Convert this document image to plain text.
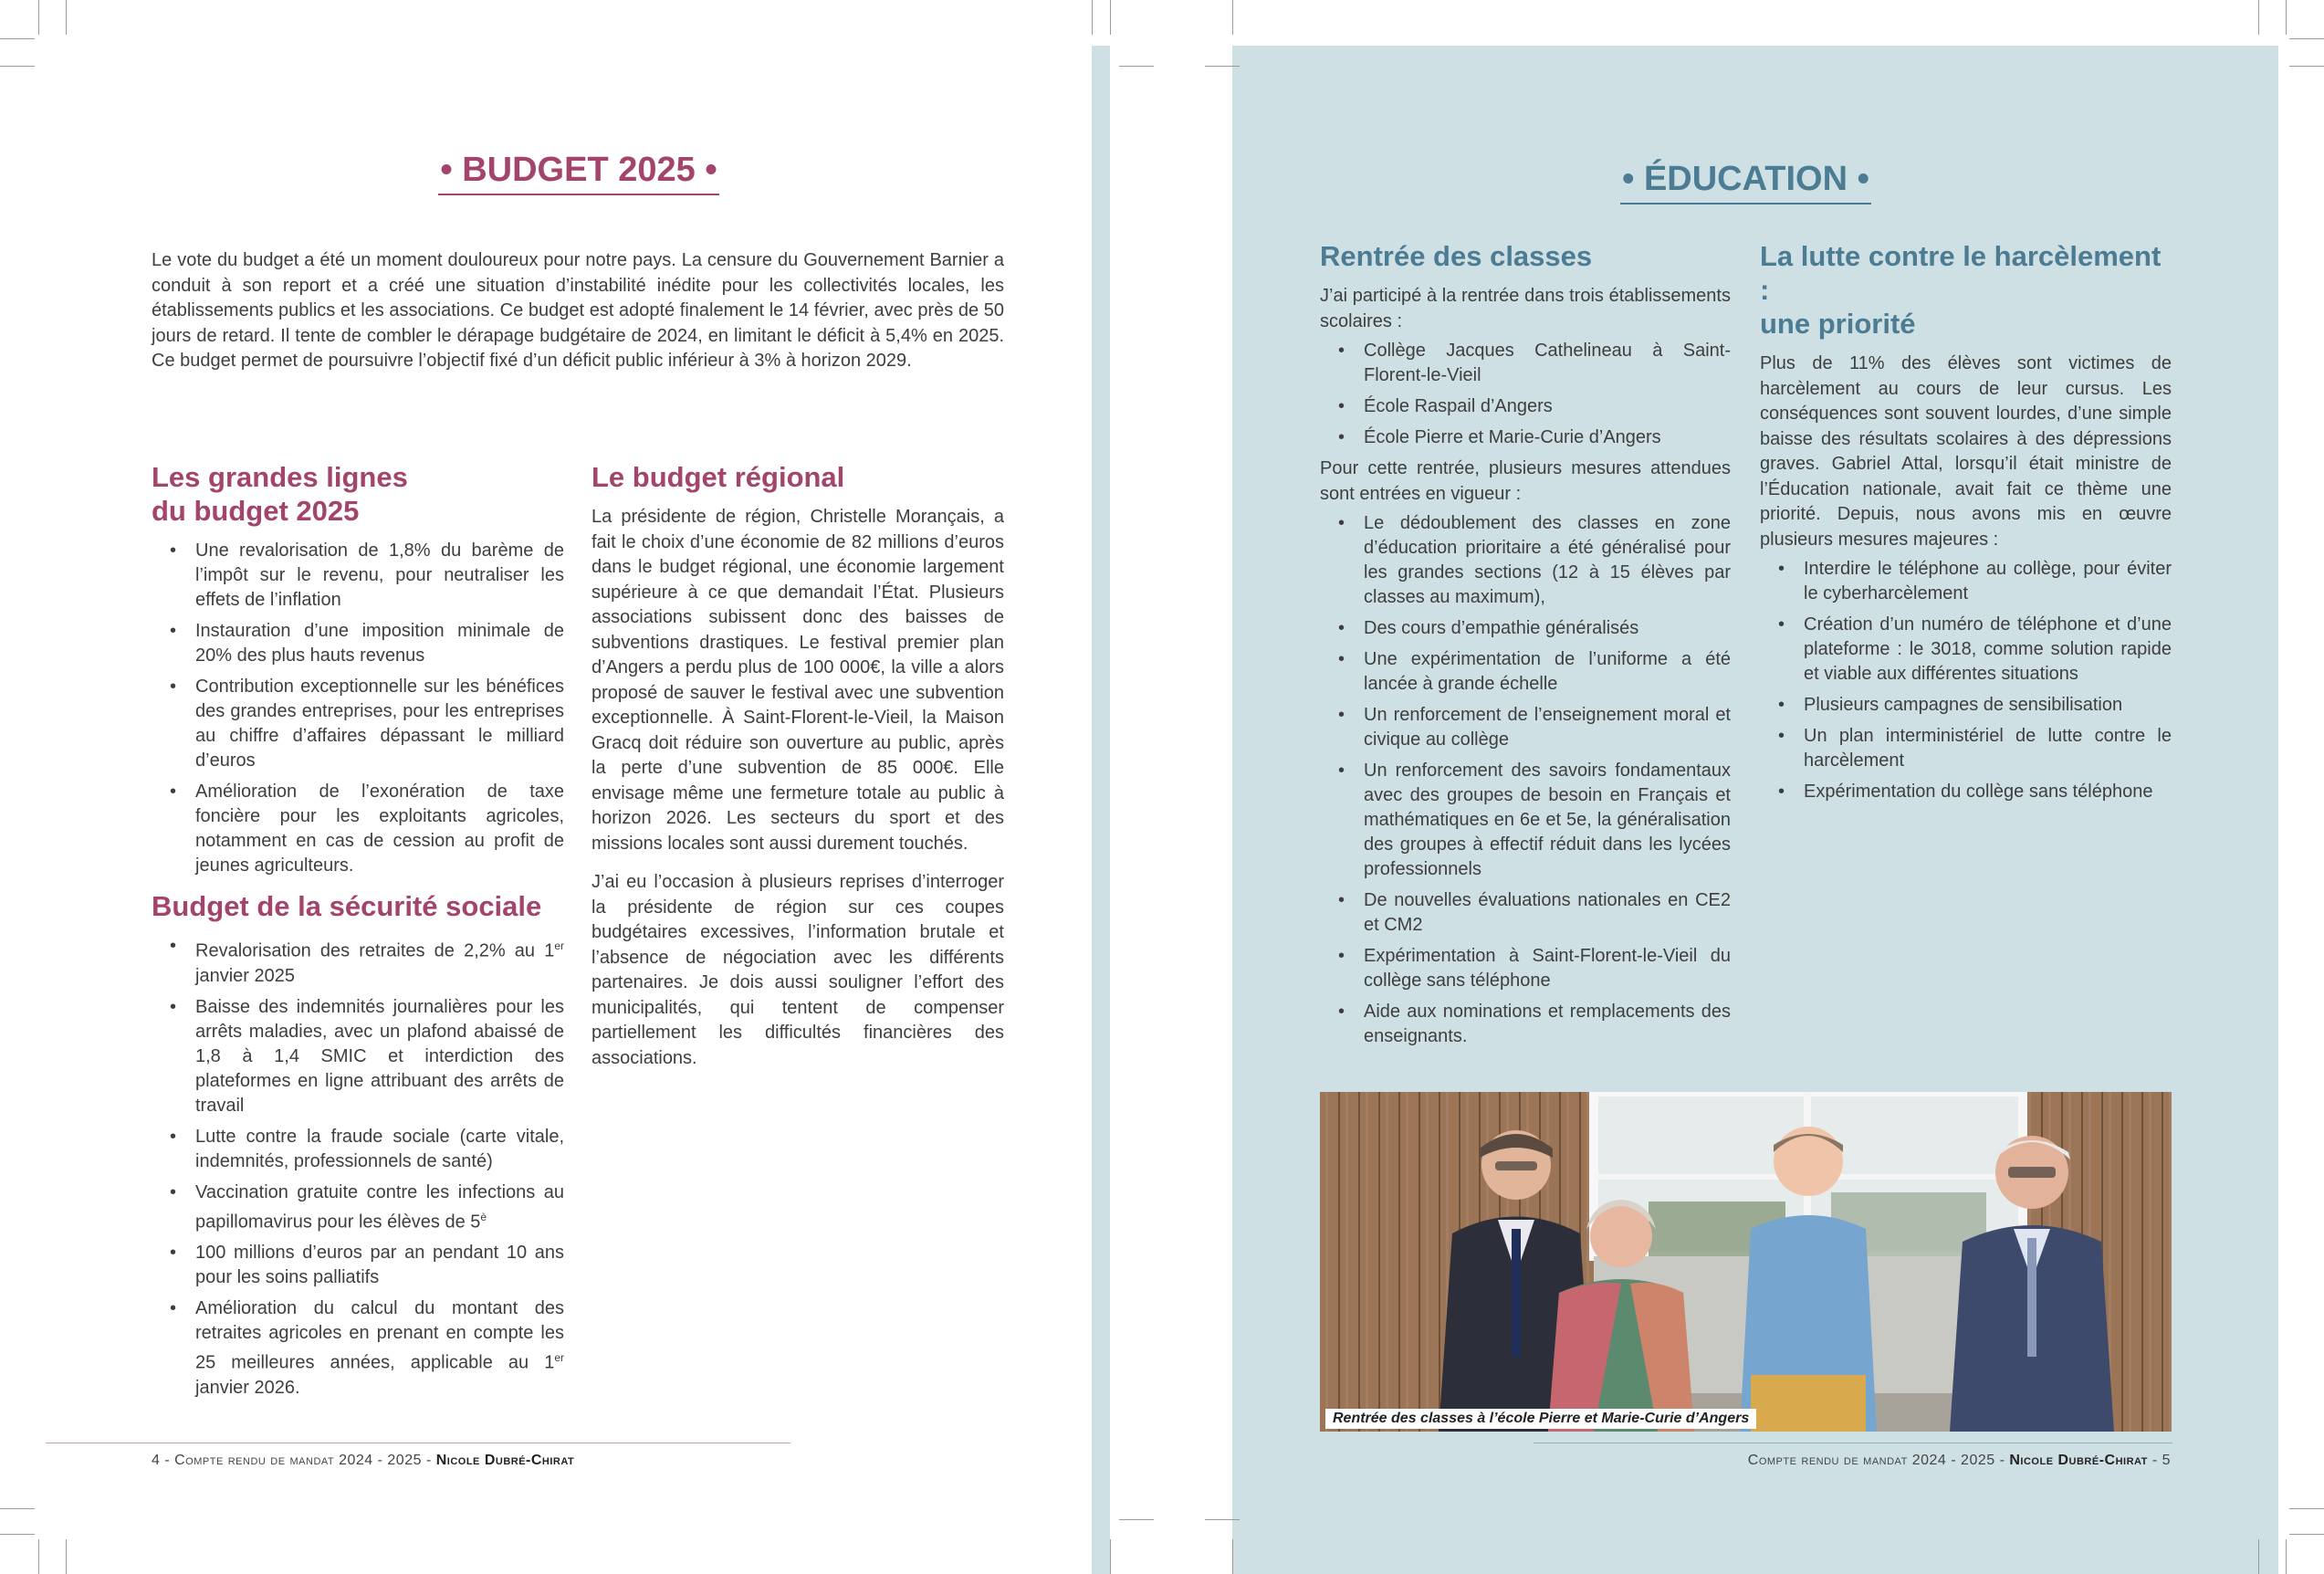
• BUDGET 2025 •

Le vote du budget a été un moment douloureux pour notre pays. La censure du Gouvernement Barnier a conduit à son report et a créé une situation d’instabilité inédite pour les collectivités locales, les établissements publics et les associations. Ce budget est adopté finalement le 14 février, avec près de 50 jours de retard. Il tente de combler le dérapage budgétaire de 2024, en limitant le déficit à 5,4% en 2025. Ce budget permet de poursuivre l’objectif fixé d’un déficit public inférieur à 3% à horizon 2029.

Les grandes lignes
du budget 2025
• Une revalorisation de 1,8% du barème de l’impôt sur le revenu, pour neutraliser les effets de l’inflation
• Instauration d’une imposition minimale de 20% des plus hauts revenus
• Contribution exceptionnelle sur les bénéfices des grandes entreprises, pour les entreprises au chiffre d’affaires dépassant le milliard d’euros
• Amélioration de l’exonération de taxe foncière pour les exploitants agricoles, notamment en cas de cession au profit de jeunes agriculteurs.
Budget de la sécurité sociale
• Revalorisation des retraites de 2,2% au 1er janvier 2025
• Baisse des indemnités journalières pour les arrêts maladies, avec un plafond abaissé de 1,8 à 1,4 SMIC et interdiction des plateformes en ligne attribuant des arrêts de travail
• Lutte contre la fraude sociale (carte vitale, indemnités, professionnels de santé)
• Vaccination gratuite contre les infections au papillomavirus pour les élèves de $5^è$
• 100 millions d’euros par an pendant 10 ans pour les soins palliatifs
• Amélioration du calcul du montant des retraites agricoles en prenant en compte les 25 meilleures années, applicable au 1er janvier 2026.
Le budget régional

La présidente de région, Christelle Morançais, a fait le choix d’une économie de 82 millions d’euros dans le budget régional, une économie largement supérieure à ce que demandait l’État. Plusieurs associations subissent donc des baisses de subventions drastiques. Le festival premier plan d’Angers a perdu plus de 100 000€, la ville a alors proposé de sauver le festival avec une subvention exceptionnelle. À Saint-Florent-le-Vieil, la Maison Gracq doit réduire son ouverture au public, après la perte d’une subvention de 85 000€. Elle envisage même une fermeture totale au public à horizon 2026. Les secteurs du sport et des missions locales sont aussi durement touchés.

J’ai eu l’occasion à plusieurs reprises d’interroger la présidente de région sur ces coupes budgétaires excessives, l’information brutale et l’absence de négociation avec les différents partenaires. Je dois aussi souligner l’effort des municipalités, qui tentent de compenser partiellement les difficultés financières des associations.

4 - Compte rendu de mandat 2024 - 2025 - Nicole Dubré-Chirat
• ÉDUCATION •
Rentrée des classes

J’ai participé à la rentrée dans trois établissements scolaires :

• Collège Jacques Cathelineau à Saint-Florent-le-Vieil
• École Raspail d’Angers
• École Pierre et Marie-Curie d’Angers

Pour cette rentrée, plusieurs mesures attendues sont entrées en vigueur :

• Le dédoublement des classes en zone d’éducation prioritaire a été généralisé pour les grandes sections (12 à 15 élèves par classes au maximum),
• Des cours d’empathie généralisés
• Une expérimentation de l’uniforme a été lancée à grande échelle
• Un renforcement de l’enseignement moral et civique au collège
• Un renforcement des savoirs fondamentaux avec des groupes de besoin en Français et mathématiques en 6e et 5e, la généralisation des groupes à effectif réduit dans les lycées professionnels
• De nouvelles évaluations nationales en CE2 et CM2
• Expérimentation à Saint-Florent-le-Vieil du collège sans téléphone
• Aide aux nominations et remplacements des enseignants.
La lutte contre le harcèlement :
une priorité

Plus de 11% des élèves sont victimes de harcèlement au cours de leur cursus. Les conséquences sont souvent lourdes, d’une simple baisse des résultats scolaires à des dépressions graves. Gabriel Attal, lorsqu’il était ministre de l’Éducation nationale, avait fait ce thème une priorité. Depuis, nous avons mis en œuvre plusieurs mesures majeures :

• Interdire le téléphone au collège, pour éviter le cyberharcèlement
• Création d’un numéro de téléphone et d’une plateforme : le 3018, comme solution rapide et viable aux différentes situations
• Plusieurs campagnes de sensibilisation
• Un plan interministériel de lutte contre le harcèlement
• Expérimentation du collège sans téléphone
Rentrée des classes à l’école Pierre et Marie-Curie d’Angers
Compte rendu de mandat 2024 - 2025 - Nicole Dubré-Chirat - 5
